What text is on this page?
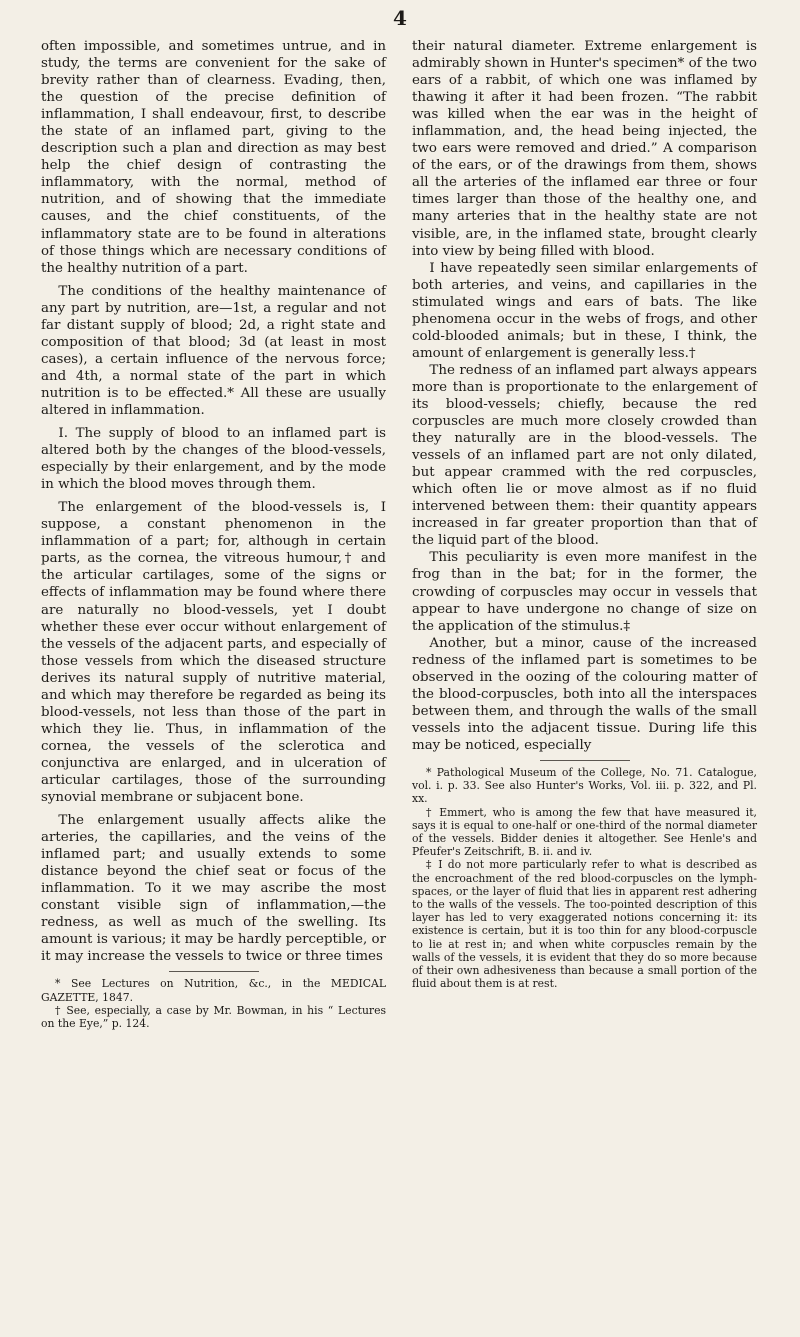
4

often impossible, and sometimes untrue, and in study, the terms are convenient for the sake of brevity rather than of clearness. Evading, then, the question of the precise definition of inflammation, I shall endeavour, first, to describe the state of an inflamed part, giving to the description such a plan and direction as may best help the chief design of contrasting the inflammatory, with the normal, method of nutrition, and of showing that the immediate causes, and the chief constituents, of the inflammatory state are to be found in alterations of those things which are necessary conditions of the healthy nutrition of a part.

The conditions of the healthy maintenance of any part by nutrition, are—1st, a regular and not far distant supply of blood; 2d, a right state and composition of that blood; 3d (at least in most cases), a certain influence of the nervous force; and 4th, a normal state of the part in which nutrition is to be effected.* All these are usually altered in inflammation.

I. The supply of blood to an inflamed part is altered both by the changes of the blood-vessels, especially by their enlargement, and by the mode in which the blood moves through them.

The enlargement of the blood-vessels is, I suppose, a constant phenomenon in the inflammation of a part; for, although in certain parts, as the cornea, the vitreous humour,† and the articular cartilages, some of the signs or effects of inflammation may be found where there are naturally no blood-vessels, yet I doubt whether these ever occur without enlargement of the vessels of the adjacent parts, and especially of those vessels from which the diseased structure derives its natural supply of nutritive material, and which may therefore be regarded as being its blood-vessels, not less than those of the part in which they lie. Thus, in inflammation of the cornea, the vessels of the sclerotica and conjunctiva are enlarged, and in ulceration of articular cartilages, those of the surrounding synovial membrane or subjacent bone.

The enlargement usually affects alike the arteries, the capillaries, and the veins of the inflamed part; and usually extends to some distance beyond the chief seat or focus of the inflammation. To it we may ascribe the most constant visible sign of inflammation,—the redness, as well as much of the swelling. Its amount is various; it may be hardly perceptible, or it may increase the vessels to twice or three times

* See Lectures on Nutrition, &c., in the MEDICAL GAZETTE, 1847.

† See, especially, a case by Mr. Bowman, in his “ Lectures on the Eye,” p. 124.

their natural diameter. Extreme enlargement is admirably shown in Hunter's specimen* of the two ears of a rabbit, of which one was inflamed by thawing it after it had been frozen. “The rabbit was killed when the ear was in the height of inflammation, and, the head being injected, the two ears were removed and dried.” A comparison of the ears, or of the drawings from them, shows all the arteries of the inflamed ear three or four times larger than those of the healthy one, and many arteries that in the healthy state are not visible, are, in the inflamed state, brought clearly into view by being filled with blood.

I have repeatedly seen similar enlargements of both arteries, and veins, and capillaries in the stimulated wings and ears of bats. The like phenomena occur in the webs of frogs, and other cold-blooded animals; but in these, I think, the amount of enlargement is generally less.†

The redness of an inflamed part always appears more than is proportionate to the enlargement of its blood-vessels; chiefly, because the red corpuscles are much more closely crowded than they naturally are in the blood-vessels. The vessels of an inflamed part are not only dilated, but appear crammed with the red corpuscles, which often lie or move almost as if no fluid intervened between them: their quantity appears increased in far greater proportion than that of the liquid part of the blood.

This peculiarity is even more manifest in the frog than in the bat; for in the former, the crowding of corpuscles may occur in vessels that appear to have undergone no change of size on the application of the stimulus.‡

Another, but a minor, cause of the increased redness of the inflamed part is sometimes to be observed in the oozing of the colouring matter of the blood-corpuscles, both into all the interspaces between them, and through the walls of the small vessels into the adjacent tissue. During life this may be noticed, especially

* Pathological Museum of the College, No. 71. Catalogue, vol. i. p. 33. See also Hunter's Works, Vol. iii. p. 322, and Pl. xx.

† Emmert, who is among the few that have measured it, says it is equal to one-half or one-third of the normal diameter of the vessels. Bidder denies it altogether. See Henle's and Pfeufer's Zeitschrift, B. ii. and iv.

‡ I do not more particularly refer to what is described as the encroachment of the red blood-corpuscles on the lymph-spaces, or the layer of fluid that lies in apparent rest adhering to the walls of the vessels. The too-pointed description of this layer has led to very exaggerated notions concerning it: its existence is certain, but it is too thin for any blood-corpuscle to lie at rest in; and when white corpuscles remain by the walls of the vessels, it is evident that they do so more because of their own adhesiveness than because a small portion of the fluid about them is at rest.
